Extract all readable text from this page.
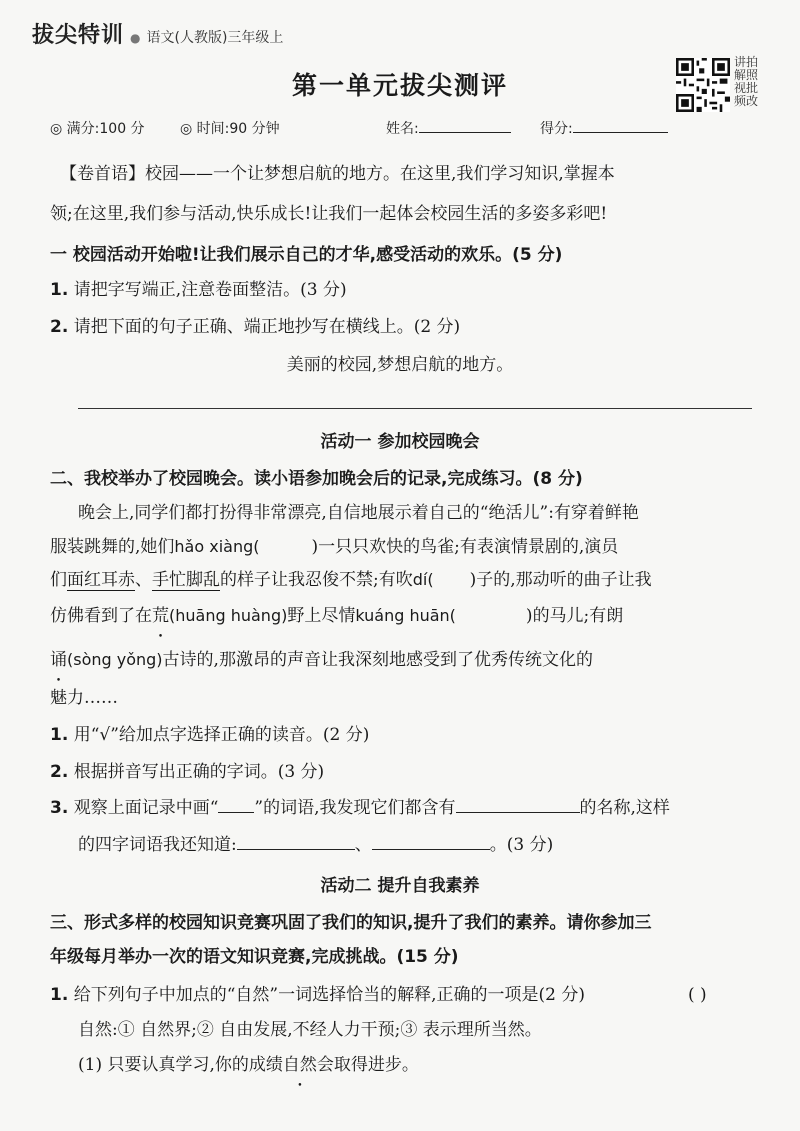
拔尖特训 ● 语文(人教版)三年级上
第一单元拔尖测评
讲拍解照视批频改
◎ 满分:100 分	◎ 时间:90 分钟	姓名:	得分:
【卷首语】校园——一个让梦想启航的地方。在这里,我们学习知识,掌握本
领;在这里,我们参与活动,快乐成长!让我们一起体会校园生活的多姿多彩吧!
一 校园活动开始啦!让我们展示自己的才华,感受活动的欢乐。(5 分)
1. 请把字写端正,注意卷面整洁。(3 分)
2. 请把下面的句子正确、端正地抄写在横线上。(2 分)
美丽的校园,梦想启航的地方。
活动一 参加校园晚会
二、我校举办了校园晚会。读小语参加晚会后的记录,完成练习。(8 分)
晚会上,同学们都打扮得非常漂亮,自信地展示着自己的“绝活儿”:有穿着鲜艳
服装跳舞的,她们hǎo xiàng(	)一只只欢快的鸟雀;有表演情景剧的,演员
们面红耳赤、手忙脚乱的样子让我忍俊不禁;有吹dí( )子的,那动听的曲子让我
仿佛看到了在荒(huāng huàng)野上尽情kuáng huān(	)的马儿;有朗
诵(sòng yǒng)古诗的,那激昂的声音让我深刻地感受到了优秀传统文化的
魅力……
1. 用“√”给加点字选择正确的读音。(2 分)
2. 根据拼音写出正确的字词。(3 分)
3. 观察上面记录中画“ ”的词语,我发现它们都含有	的名称,这样
的四字词语我还知道:	、	。(3 分)
活动二 提升自我素养
三、形式多样的校园知识竞赛巩固了我们的知识,提升了我们的素养。请你参加三
年级每月举办一次的语文知识竞赛,完成挑战。(15 分)
1. 给下列句子中加点的“自然”一词选择恰当的解释,正确的一项是(2 分)	( )
自然:① 自然界;② 自由发展,不经人力干预;③ 表示理所当然。
(1) 只要认真学习,你的成绩自然会取得进步。
